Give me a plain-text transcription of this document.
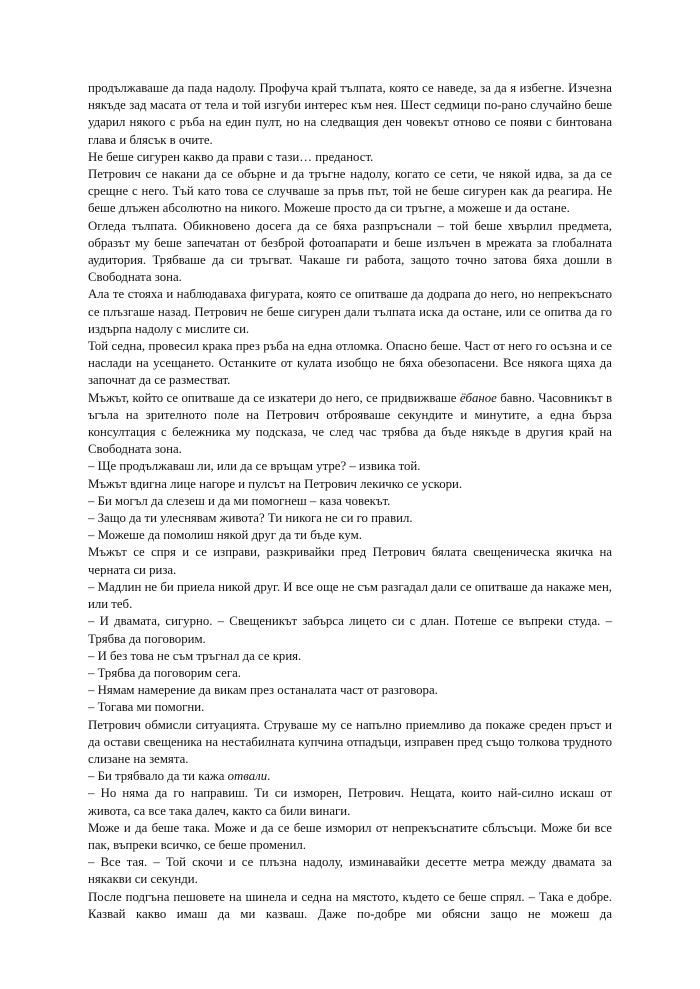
продължаваше да пада надолу. Профуча край тълпата, която се наведе, за да я избегне. Изчезна някъде зад масата от тела и той изгуби интерес към нея. Шест седмици по-рано случайно беше ударил някого с ръба на един пулт, но на следващия ден човекът отново се появи с бинтована глава и блясък в очите.

Не беше сигурен какво да прави с тази… преданост.

Петрович се накани да се обърне и да тръгне надолу, когато се сети, че някой идва, за да се срещне с него. Тъй като това се случваше за пръв път, той не беше сигурен как да реагира. Не беше длъжен абсолютно на никого. Можеше просто да си тръгне, а можеше и да остане.

Огледа тълпата. Обикновено досега да се бяха разпръснали – той беше хвърлил предмета, образът му беше запечатан от безброй фотоапарати и беше излъчен в мрежата за глобалната аудитория. Трябваше да си тръгват. Чакаше ги работа, защото точно затова бяха дошли в Свободната зона.

Ала те стояха и наблюдаваха фигурата, която се опитваше да додрапа до него, но непрекъснато се плъзгаше назад. Петрович не беше сигурен дали тълпата иска да остане, или се опитва да го издърпа надолу с мислите си.

Той седна, провесил крака през ръба на една отломка. Опасно беше. Част от него го осъзна и се наслади на усещането. Останките от кулата изобщо не бяха обезопасени. Все някога щяха да започнат да се разместват.

Мъжът, който се опитваше да се изкатери до него, се придвижваше ёбаное бавно. Часовникът в ъгъла на зрителното поле на Петрович отброяваше секундите и минутите, а една бърза консултация с бележника му подсказа, че след час трябва да бъде някъде в другия край на Свободната зона.

– Ще продължаваш ли, или да се връщам утре? – извика той.

Мъжът вдигна лице нагоре и пулсът на Петрович лекичко се ускори.

– Би могъл да слезеш и да ми помогнеш – каза човекът.

– Защо да ти улеснявам живота? Ти никога не си го правил.

– Можеше да помолиш някой друг да ти бъде кум.

Мъжът се спря и се изправи, разкривайки пред Петрович бялата свещеническа якичка на черната си риза.

– Мадлин не би приела никой друг. И все още не съм разгадал дали се опитваше да накаже мен, или теб.

– И двамата, сигурно. – Свещеникът забърса лицето си с длан. Потеше се въпреки студа. – Трябва да поговорим.

– И без това не съм тръгнал да се крия.

– Трябва да поговорим сега.

– Нямам намерение да викам през останалата част от разговора.

– Тогава ми помогни.

Петрович обмисли ситуацията. Струваше му се напълно приемливо да покаже среден пръст и да остави свещеника на нестабилната купчина отпадъци, изправен пред също толкова трудното слизане на земята.

– Би трябвало да ти кажа отвали.

– Но няма да го направиш. Ти си изморен, Петрович. Нещата, които най-силно искаш от живота, са все така далеч, както са били винаги.

Може и да беше така. Може и да се беше изморил от непрекъснатите сблъсъци. Може би все пак, въпреки всичко, се беше променил.

– Все тая. – Той скочи и се плъзна надолу, изминавайки десетте метра между двамата за някакви си секунди.

После подгъна пешовете на шинела и седна на мястото, където се беше спрял. – Така е добре. Казвай какво имаш да ми казваш. Даже по-добре ми обясни защо не можеш да
